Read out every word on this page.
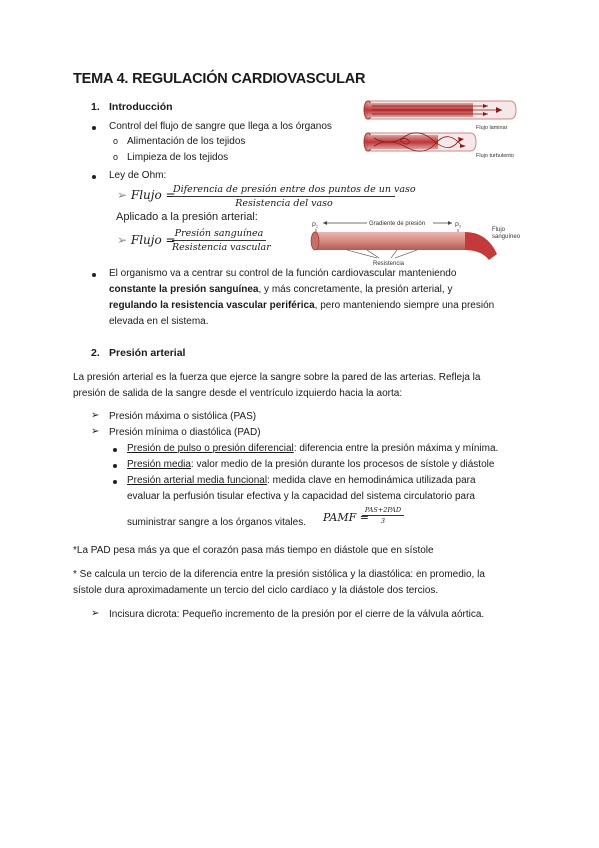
TEMA 4. REGULACIÓN CARDIOVASCULAR
1. Introducción
Control del flujo de sangre que llega a los órganos
o Alimentación de los tejidos
o Limpieza de los tejidos
Ley de Ohm:
➢ Flujo =
Diferencia de presión entre dos puntos de un vaso
Resistencia del vaso
Aplicado a la presión arterial:
➢ Flujo = Presión sanguínea
Resistencia vascular
Flujo laminar
Flujo turbulento
P₁	P₂
Gradiente de presión
Flujo
sanguíneo
Resistencia
El organismo va a centrar su control de la función cardiovascular manteniendo
constante la presión sanguínea, y más concretamente, la presión arterial, y
regulando la resistencia vascular periférica, pero manteniendo siempre una presión
elevada en el sistema.
2. Presión arterial
La presión arterial es la fuerza que ejerce la sangre sobre la pared de las arterias. Refleja la
presión de salida de la sangre desde el ventrículo izquierdo hacia la aorta:
➢ Presión máxima o sistólica (PAS)
➢ Presión mínima o diastólica (PAD)
Presión de pulso o presión diferencial: diferencia entre la presión máxima y mínima.
Presión media: valor medio de la presión durante los procesos de sístole y diástole
Presión arterial media funcional: medida clave en hemodinámica utilizada para
evaluar la perfusión tisular efectiva y la capacidad del sistema circulatorio para
suministrar sangre a los órganos vitales. PAMF =
PAS+2PAD
3
*La PAD pesa más ya que el corazón pasa más tiempo en diástole que en sístole
* Se calcula un tercio de la diferencia entre la presión sistólica y la diastólica: en promedio, la
sístole dura aproximadamente un tercio del ciclo cardíaco y la diástole dos tercios.
➢ Incisura dicrota: Pequeño incremento de la presión por el cierre de la válvula aórtica.
